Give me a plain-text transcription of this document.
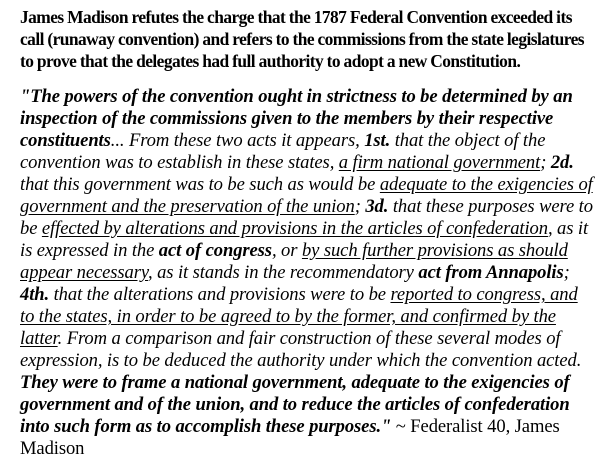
James Madison refutes the charge that the 1787 Federal Convention exceeded its call (runaway convention) and refers to the commissions from the state legislatures to prove that the delegates had full authority to adopt a new Constitution.

"The powers of the convention ought in strictness to be determined by an inspection of the commissions given to the members by their respective constituents... From these two acts it appears, 1st. that the object of the convention was to establish in these states, a firm national government; 2d. that this government was to be such as would be adequate to the exigencies of government and the preservation of the union; 3d. that these purposes were to be effected by alterations and provisions in the articles of confederation, as it is expressed in the act of congress, or by such further provisions as should appear necessary, as it stands in the recommendatory act from Annapolis; 4th. that the alterations and provisions were to be reported to congress, and to the states, in order to be agreed to by the former, and confirmed by the latter. From a comparison and fair construction of these several modes of expression, is to be deduced the authority under which the convention acted. They were to frame a national government, adequate to the exigencies of government and of the union, and to reduce the articles of confederation into such form as to accomplish these purposes." ~ Federalist 40, James Madison
